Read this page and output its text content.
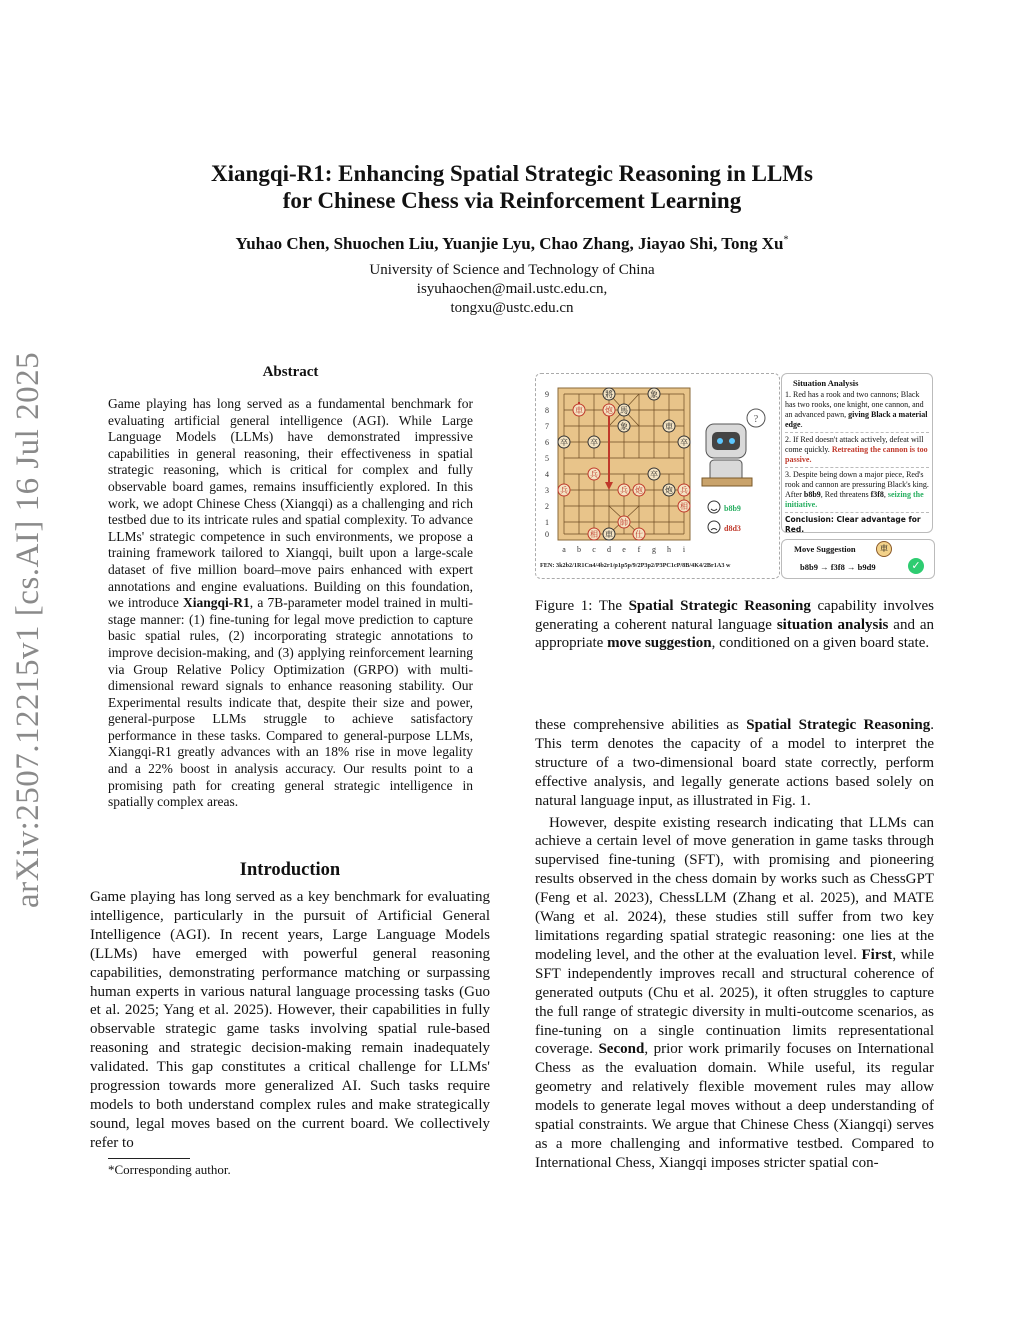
arXiv:2507.12215v1 [cs.AI] 16 Jul 2025
Xiangqi-R1: Enhancing Spatial Strategic Reasoning in LLMs
for Chinese Chess via Reinforcement Learning
Yuhao Chen, Shuochen Liu, Yuanjie Lyu, Chao Zhang, Jiayao Shi, Tong Xu*
University of Science and Technology of China
isyuhaochen@mail.ustc.edu.cn,
tongxu@ustc.edu.cn
Abstract
Game playing has long served as a fundamental benchmark for evaluating artificial general intelligence (AGI). While Large Language Models (LLMs) have demonstrated impressive capabilities in general reasoning, their effectiveness in spatial strategic reasoning, which is critical for complex and fully observable board games, remains insufficiently explored. In this work, we adopt Chinese Chess (Xiangqi) as a challenging and rich testbed due to its intricate rules and spatial complexity. To advance LLMs' strategic competence in such environments, we propose a training framework tailored to Xiangqi, built upon a large-scale dataset of five million board–move pairs enhanced with expert annotations and engine evaluations. Building on this foundation, we introduce Xiangqi-R1, a 7B-parameter model trained in multi-stage manner: (1) fine-tuning for legal move prediction to capture basic spatial rules, (2) incorporating strategic annotations to improve decision-making, and (3) applying reinforcement learning via Group Relative Policy Optimization (GRPO) with multi-dimensional reward signals to enhance reasoning stability. Our Experimental results indicate that, despite their size and power, general-purpose LLMs struggle to achieve satisfactory performance in these tasks. Compared to general-purpose LLMs, Xiangqi-R1 greatly advances with an 18% rise in move legality and a 22% boost in analysis accuracy. Our results point to a promising path for creating general strategic intelligence in spatially complex areas.
Introduction

Game playing has long served as a key benchmark for evaluating intelligence, particularly in the pursuit of Artificial General Intelligence (AGI). In recent years, Large Language Models (LLMs) have emerged with powerful general reasoning capabilities, demonstrating performance matching or surpassing human experts in various natural language processing tasks (Guo et al. 2025; Yang et al. 2025). However, their capabilities in fully observable strategic game tasks involving spatial rule-based reasoning and strategic decision-making remain inadequately validated. This gap constitutes a critical challenge for LLMs' progression towards more generalized AI. Such tasks require models to both understand complex rules and make strategically sound, legal moves based on the current board. We collectively refer to

*Corresponding author.
將	象
車	炮 馬
象	車
卒	卒	卒
兵	卒
兵	兵 炮	炮 兵
相
帥
相 車	仕
9
8
7
6
5
4
3
2
1
0
a b c d e f g h i
?
b8b9
d8d3
FEN: 3k2b2/1R1Cn4/4b2r1/p1p5p/9/2P3p2/P3PC1cP/8B/4K4/2Br1A3 w
Situation Analysis
1. Red has a rook and two cannons; Black has two rooks, one knight, one cannon, and an advanced pawn, giving Black a material edge.
2. If Red doesn't attack actively, defeat will come quickly. Retreating the cannon is too passive.
3. Despite being down a major piece, Red's rook and cannon are pressuring Black's king. After b8b9, Red threatens f3f8, seizing the initiative.
Conclusion: Clear advantage for Red.
Move Suggestion	車
b8b9 → f3f8 → b9d9	✓
Figure 1: The Spatial Strategic Reasoning capability involves generating a coherent natural language situation analysis and an appropriate move suggestion, conditioned on a given board state.

these comprehensive abilities as Spatial Strategic Reasoning. This term denotes the capacity of a model to interpret the structure of a two-dimensional board state correctly, perform effective analysis, and legally generate actions based solely on natural language input, as illustrated in Fig. 1.

However, despite existing research indicating that LLMs can achieve a certain level of move generation in game tasks through supervised fine-tuning (SFT), with promising and pioneering results observed in the chess domain by works such as ChessGPT (Feng et al. 2023), ChessLLM (Zhang et al. 2025), and MATE (Wang et al. 2024), these studies still suffer from two key limitations regarding spatial strategic reasoning: one lies at the modeling level, and the other at the evaluation level. First, while SFT independently improves recall and structural coherence of generated outputs (Chu et al. 2025), it often struggles to capture the full range of strategic diversity in multi-outcome scenarios, as fine-tuning on a single continuation limits representational coverage. Second, prior work primarily focuses on International Chess as the evaluation domain. While useful, its regular geometry and relatively flexible movement rules may allow models to generate legal moves without a deep understanding of spatial constraints. We argue that Chinese Chess (Xiangqi) serves as a more challenging and informative testbed. Compared to International Chess, Xiangqi imposes stricter spatial con-
